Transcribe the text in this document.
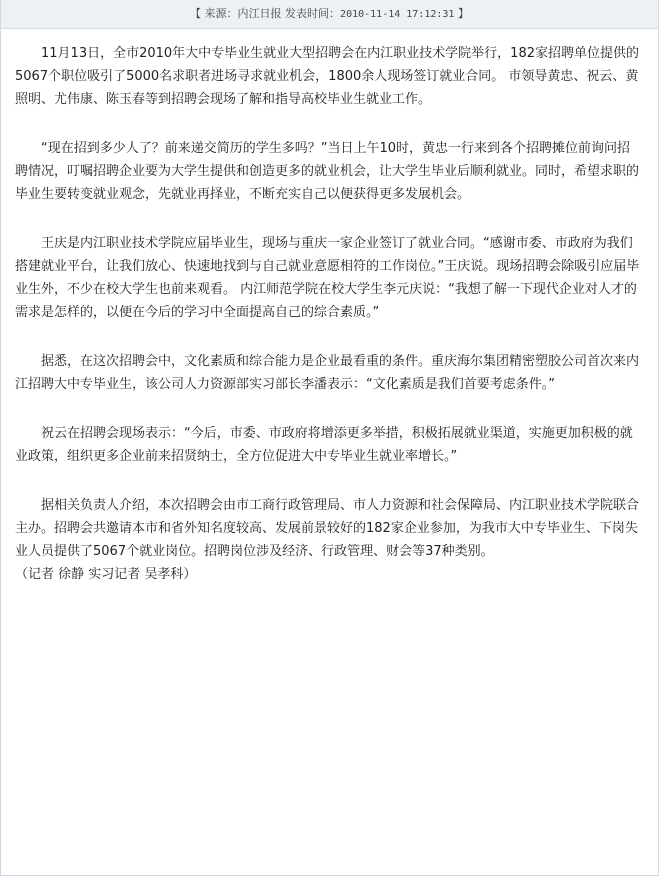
【 来源：内江日报 发表时间：2010-11-14 17:12:31 】

11月13日，全市2010年大中专毕业生就业大型招聘会在内江职业技术学院举行，182家招聘单位提供的5067个职位吸引了5000名求职者进场寻求就业机会，1800余人现场签订就业合同。 市领导黄忠、祝云、黄照明、尤伟康、陈玉春等到招聘会现场了解和指导高校毕业生就业工作。

“现在招到多少人了？前来递交简历的学生多吗？”当日上午10时，黄忠一行来到各个招聘摊位前询问招聘情况，叮嘱招聘企业要为大学生提供和创造更多的就业机会，让大学生毕业后顺利就业。同时，希望求职的毕业生要转变就业观念，先就业再择业，不断充实自己以便获得更多发展机会。

王庆是内江职业技术学院应届毕业生，现场与重庆一家企业签订了就业合同。“感谢市委、市政府为我们搭建就业平台，让我们放心、快速地找到与自己就业意愿相符的工作岗位。”王庆说。现场招聘会除吸引应届毕业生外，不少在校大学生也前来观看。 内江师范学院在校大学生李元庆说：“我想了解一下现代企业对人才的需求是怎样的，以便在今后的学习中全面提高自己的综合素质。”

据悉，在这次招聘会中，文化素质和综合能力是企业最看重的条件。重庆海尔集团精密塑胶公司首次来内江招聘大中专毕业生，该公司人力资源部实习部长李潘表示：“文化素质是我们首要考虑条件。”

祝云在招聘会现场表示：“今后，市委、市政府将增添更多举措，积极拓展就业渠道，实施更加积极的就业政策，组织更多企业前来招贤纳士，全方位促进大中专毕业生就业率增长。”

据相关负责人介绍，本次招聘会由市工商行政管理局、市人力资源和社会保障局、内江职业技术学院联合主办。招聘会共邀请本市和省外知名度较高、发展前景较好的182家企业参加，为我市大中专毕业生、下岗失业人员提供了5067个就业岗位。招聘岗位涉及经济、行政管理、财会等37种类别。

（记者 徐静 实习记者 吴孝科）
